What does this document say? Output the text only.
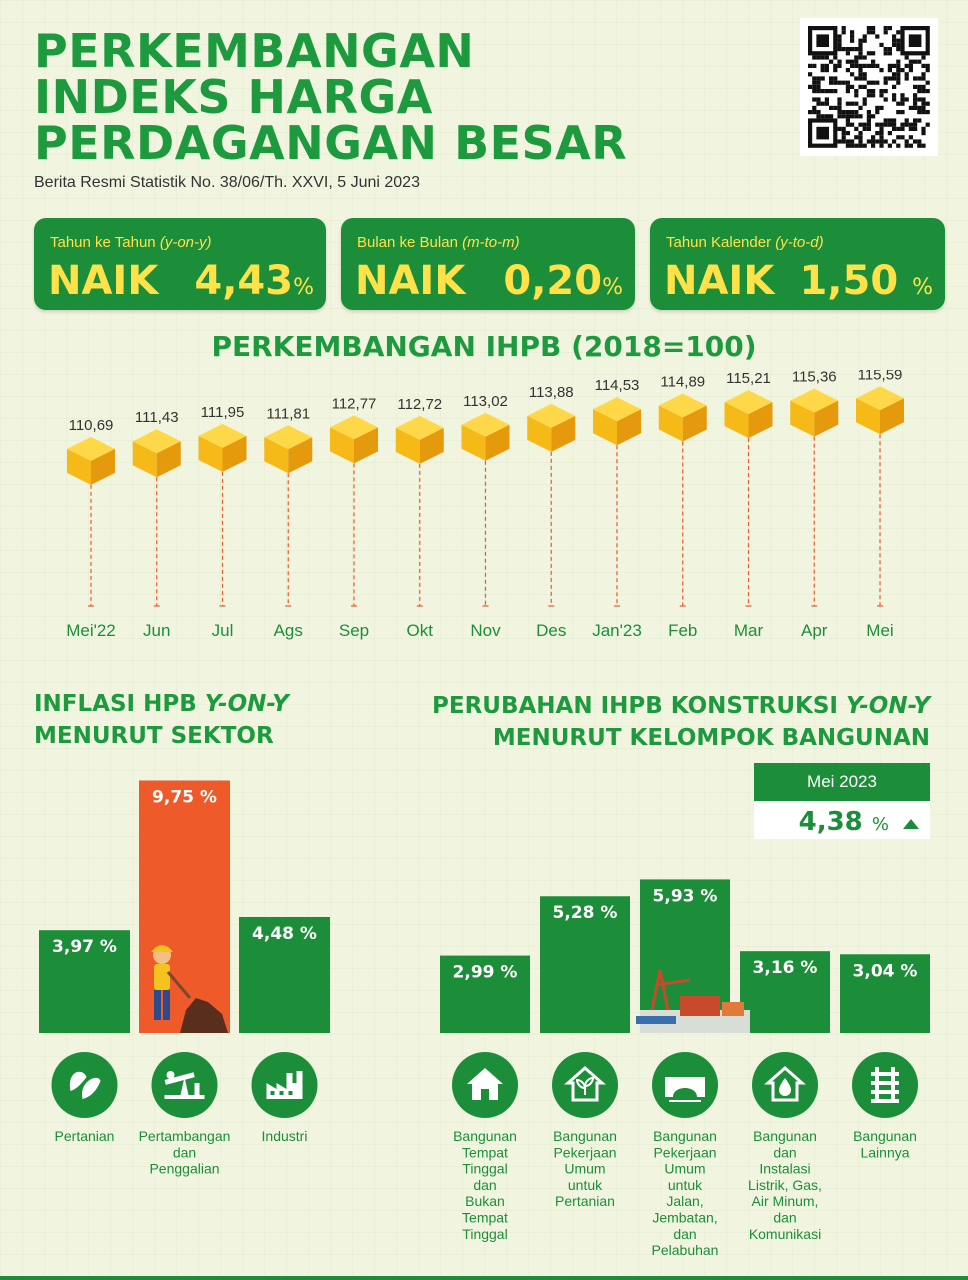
PERKEMBANGAN
INDEKS HARGA
PERDAGANGAN BESAR
Berita Resmi Statistik No. 38/06/Th. XXVI, 5 Juni 2023
Tahun ke Tahun (y-on-y)
NAIK 4,43%
Bulan ke Bulan (m-to-m)
NAIK 0,20%
Tahun Kalender (y-to-d)
NAIK 1,50 %
PERKEMBANGAN IHPB (2018=100)
110,69
Mei'22
111,43
Jun
111,95
Jul
111,81
Ags
112,77
Sep
112,72
Okt
113,02
Nov
113,88
Des
114,53
Jan'23
114,89
Feb
115,21
Mar
115,36
Apr
115,59
Mei
INFLASI HPB Y-ON-Y
MENURUT SEKTOR
PERUBAHAN IHPB KONSTRUKSI Y-ON-Y
MENURUT KELOMPOK BANGUNAN
Mei 2023
4,38 %
3,97 %
Pertanian
9,75 %
Pertambangan dan Penggalian
4,48 %
Industri
2,99 %
Bangunan Tempat Tinggal dan Bukan Tempat Tinggal
5,28 %
Bangunan Pekerjaan Umum untuk Pertanian
5,93 %
Bangunan Pekerjaan Umum untuk Jalan, Jembatan, dan Pelabuhan
3,16 %
Bangunan dan Instalasi Listrik, Gas, Air Minum, dan Komunikasi
3,04 %
Bangunan Lainnya
